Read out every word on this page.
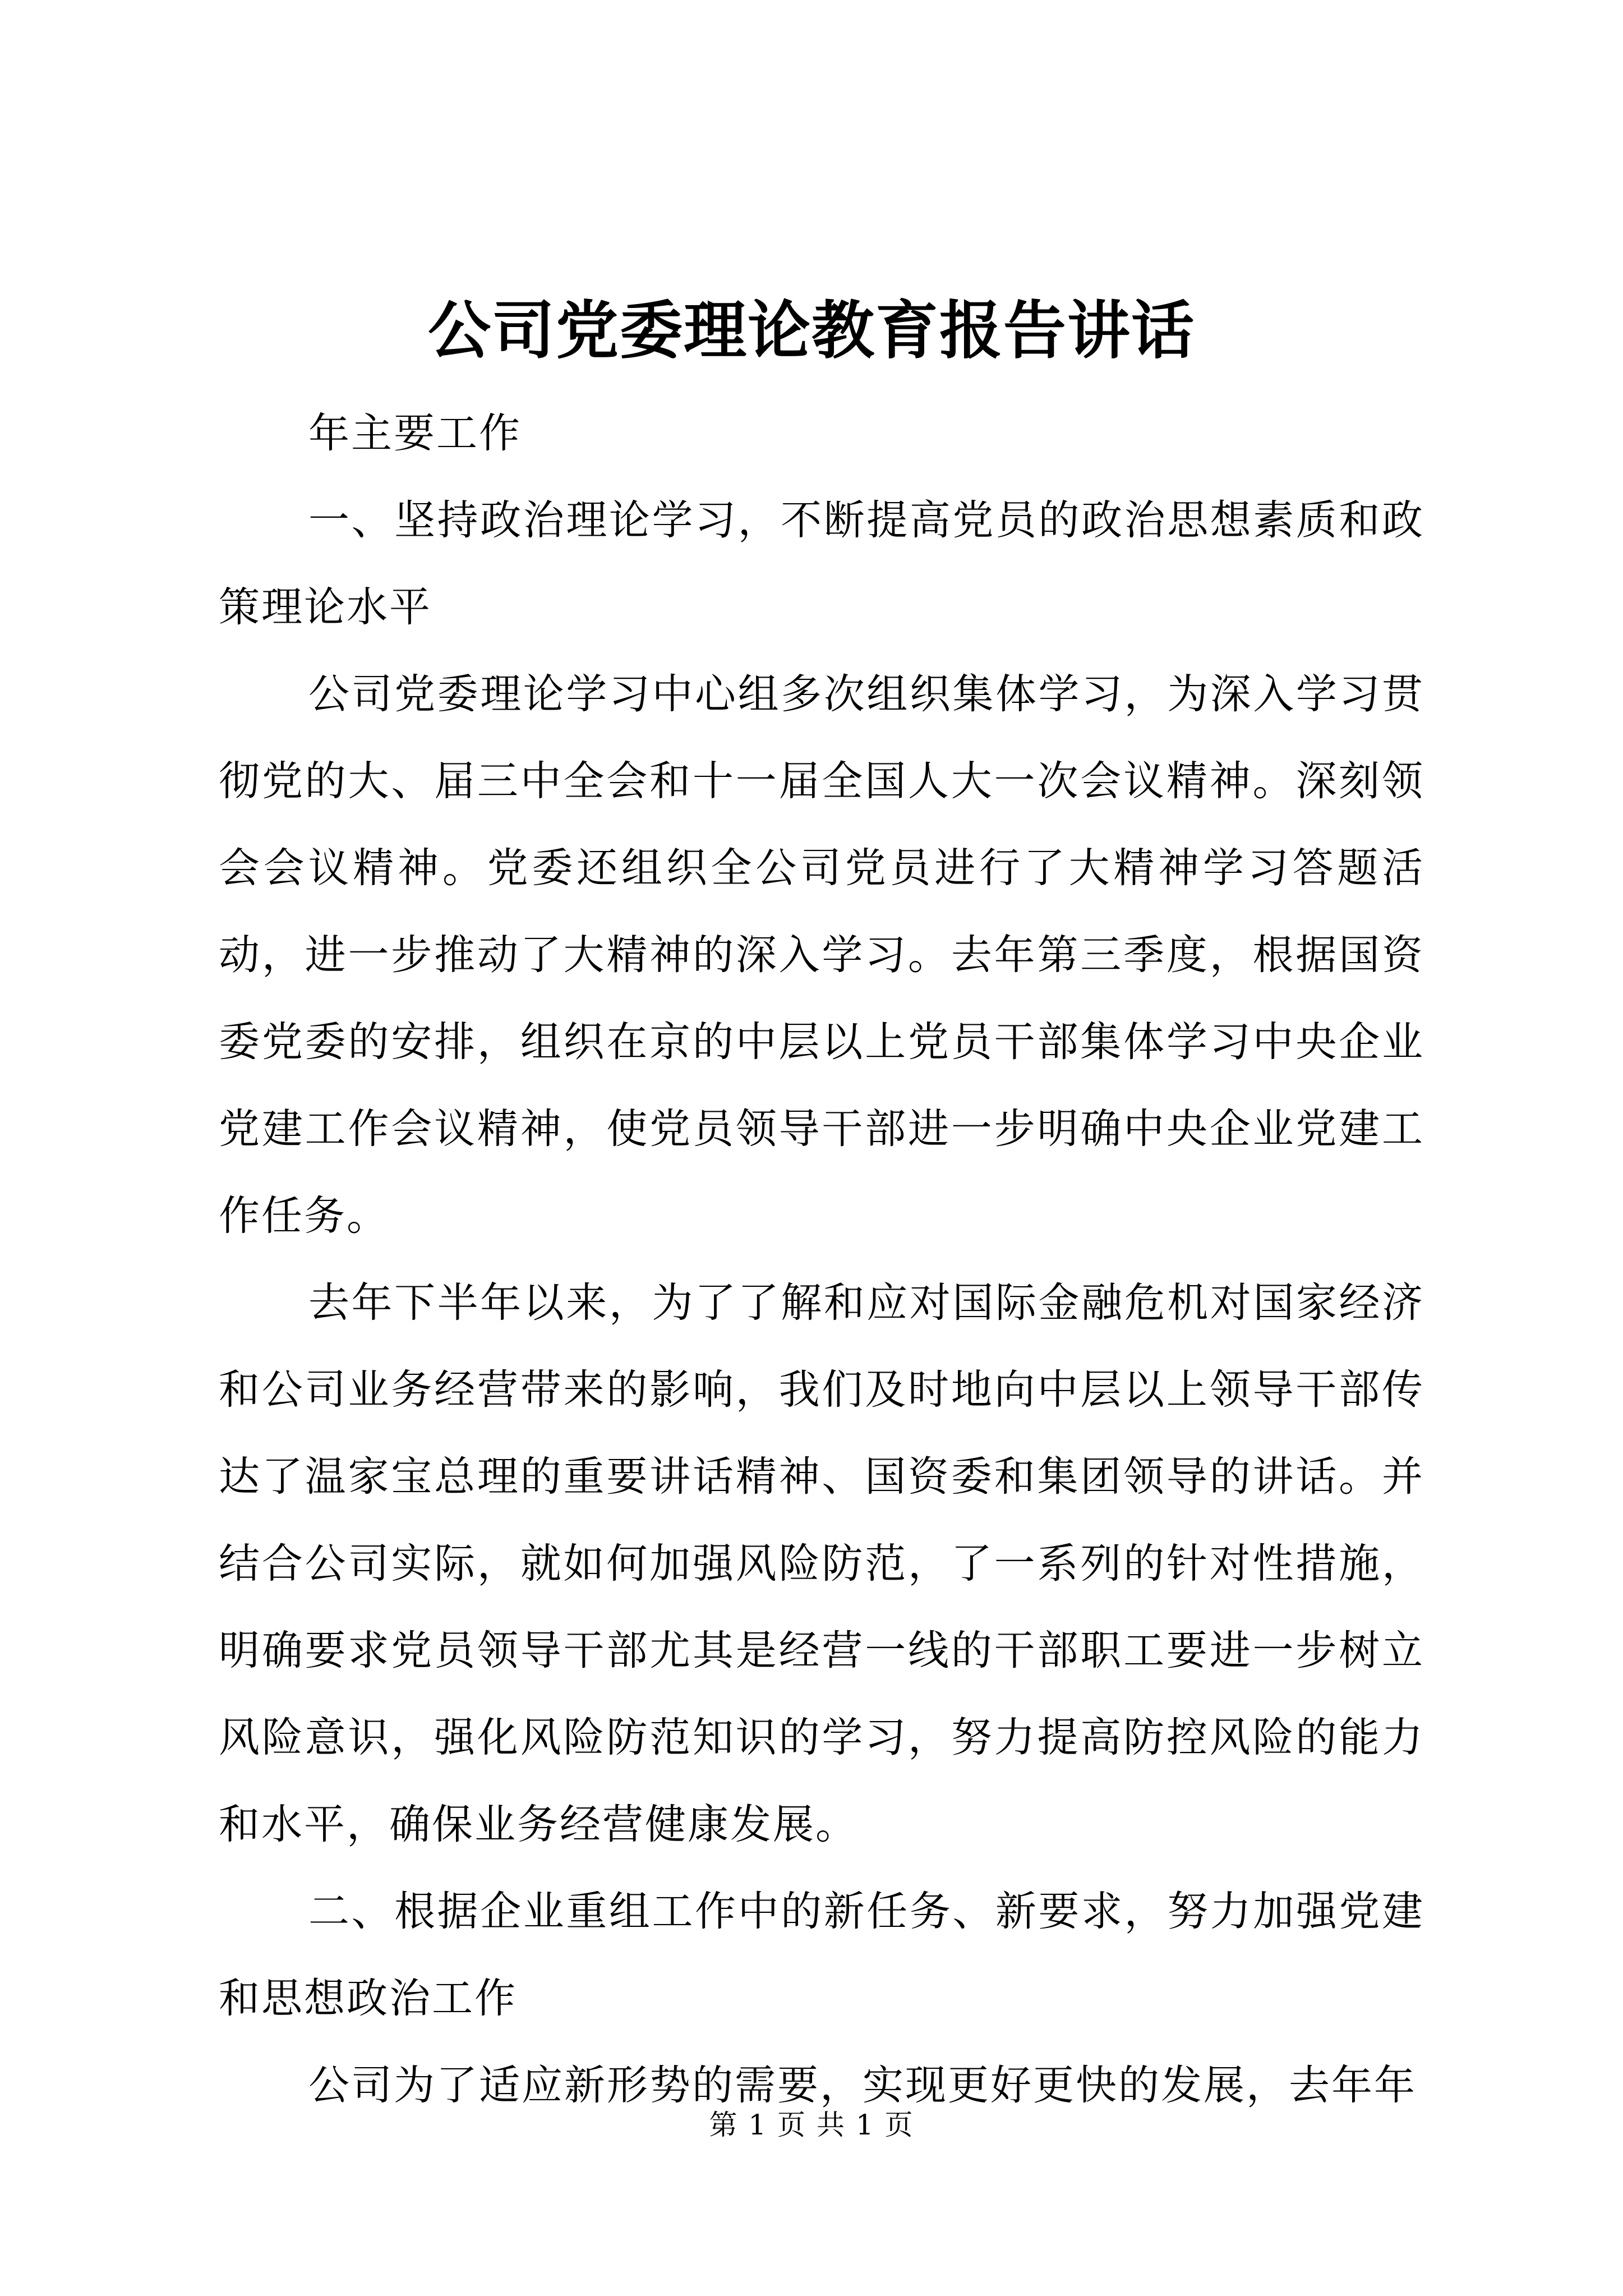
公司党委理论教育报告讲话

年主要工作

一、坚持政治理论学习，不断提高党员的政治思想素质和政策理论水平

公司党委理论学习中心组多次组织集体学习，为深入学习贯彻党的大、届三中全会和十一届全国人大一次会议精神。深刻领会会议精神。党委还组织全公司党员进行了大精神学习答题活动，进一步推动了大精神的深入学习。去年第三季度，根据国资委党委的安排，组织在京的中层以上党员干部集体学习中央企业党建工作会议精神，使党员领导干部进一步明确中央企业党建工作任务。

去年下半年以来，为了了解和应对国际金融危机对国家经济和公司业务经营带来的影响，我们及时地向中层以上领导干部传达了温家宝总理的重要讲话精神、国资委和集团领导的讲话。并结合公司实际，就如何加强风险防范，了一系列的针对性措施，明确要求党员领导干部尤其是经营一线的干部职工要进一步树立风险意识，强化风险防范知识的学习，努力提高防控风险的能力和水平，确保业务经营健康发展。

二、根据企业重组工作中的新任务、新要求，努力加强党建和思想政治工作

公司为了适应新形势的需要，实现更好更快的发展，去年年

第 1 页 共 1 页
